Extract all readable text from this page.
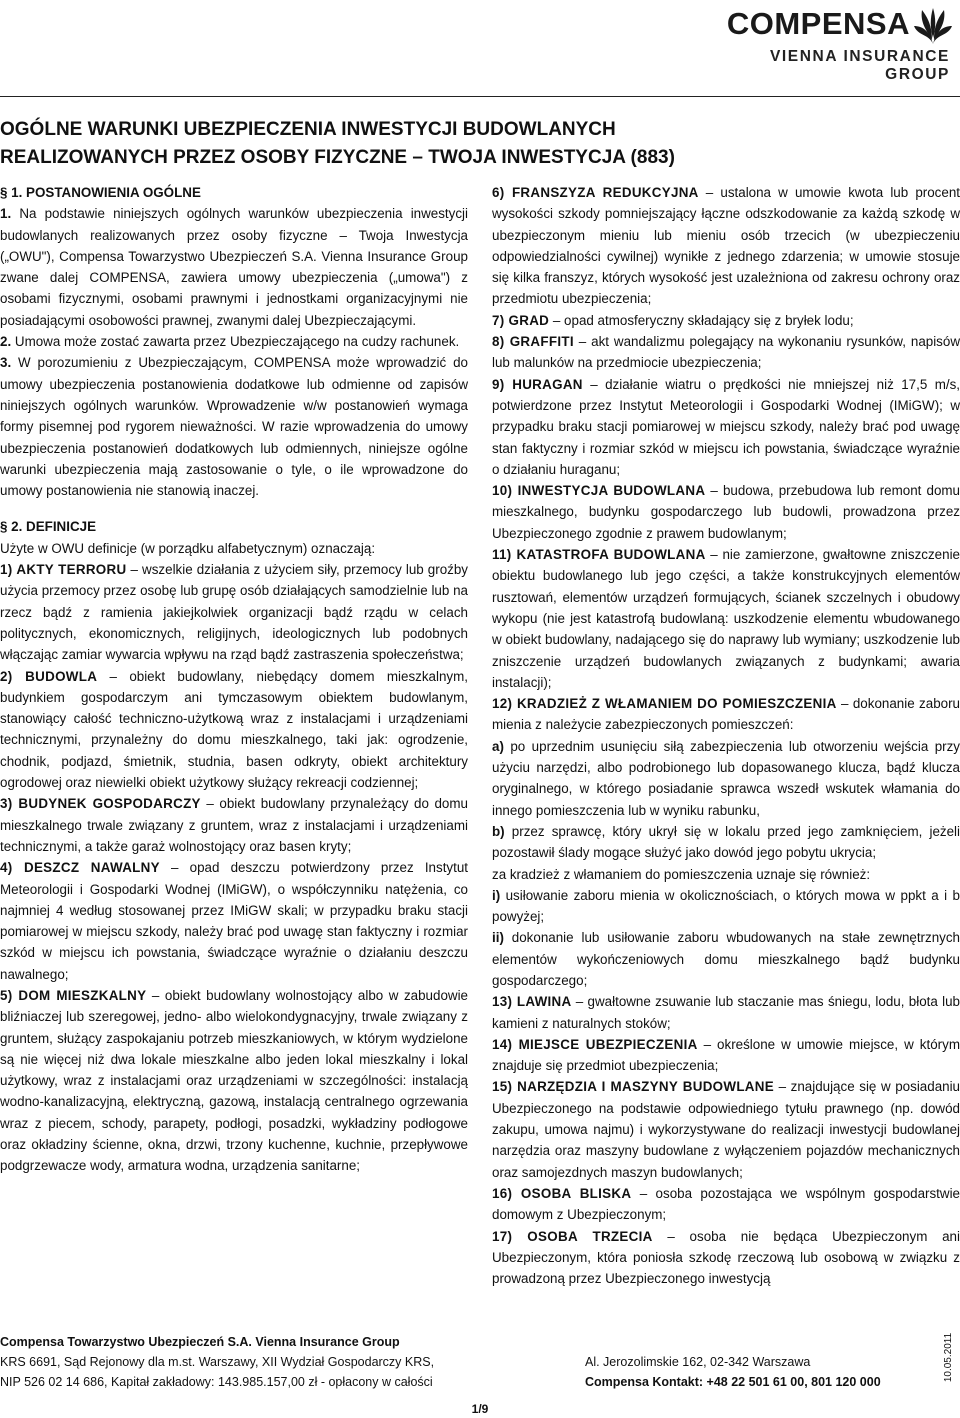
COMPENSA
VIENNA INSURANCE GROUP
OGÓLNE WARUNKI UBEZPIECZENIA INWESTYCJI BUDOWLANYCH
REALIZOWANYCH PRZEZ OSOBY FIZYCZNE – TWOJA INWESTYCJA (883)

§ 1. POSTANOWIENIA OGÓLNE

1. Na podstawie niniejszych ogólnych warunków ubezpieczenia inwestycji budowlanych realizowanych przez osoby fizyczne – Twoja Inwestycja („OWU"), Compensa Towarzystwo Ubezpieczeń S.A. Vienna Insurance Group zwane dalej COMPENSA, zawiera umowy ubezpieczenia („umowa") z osobami fizycznymi, osobami prawnymi i jednostkami organizacyjnymi nie posiadającymi osobowości prawnej, zwanymi dalej Ubezpieczającymi.

2. Umowa może zostać zawarta przez Ubezpieczającego na cudzy rachunek.

3. W porozumieniu z Ubezpieczającym, COMPENSA może wprowadzić do umowy ubezpieczenia postanowienia dodatkowe lub odmienne od zapisów niniejszych ogólnych warunków. Wprowadzenie w/w postanowień wymaga formy pisemnej pod rygorem nieważności. W razie wprowadzenia do umowy ubezpieczenia postanowień dodatkowych lub odmiennych, niniejsze ogólne warunki ubezpieczenia mają zastosowanie o tyle, o ile wprowadzone do umowy postanowienia nie stanowią inaczej.

§ 2. DEFINICJE

Użyte w OWU definicje (w porządku alfabetycznym) oznaczają:

1) AKTY TERRORU – wszelkie działania z użyciem siły, przemocy lub groźby użycia przemocy przez osobę lub grupę osób działających samodzielnie lub na rzecz bądź z ramienia jakiejkolwiek organizacji bądź rządu w celach politycznych, ekonomicznych, religijnych, ideologicznych lub podobnych włączając zamiar wywarcia wpływu na rząd bądź zastraszenia społeczeństwa;

2) BUDOWLA – obiekt budowlany, niebędący domem mieszkalnym, budynkiem gospodarczym ani tymczasowym obiektem budowlanym, stanowiący całość techniczno-użytkową wraz z instalacjami i urządzeniami technicznymi, przynależny do domu mieszkalnego, taki jak: ogrodzenie, chodnik, podjazd, śmietnik, studnia, basen odkryty, obiekt architektury ogrodowej oraz niewielki obiekt użytkowy służący rekreacji codziennej;

3) BUDYNEK GOSPODARCZY – obiekt budowlany przynależący do domu mieszkalnego trwale związany z gruntem, wraz z instalacjami i urządzeniami technicznymi, a także garaż wolnostojący oraz basen kryty;

4) DESZCZ NAWALNY – opad deszczu potwierdzony przez Instytut Meteorologii i Gospodarki Wodnej (IMiGW), o współczynniku natężenia, co najmniej 4 według stosowanej przez IMiGW skali; w przypadku braku stacji pomiarowej w miejscu szkody, należy brać pod uwagę stan faktyczny i rozmiar szkód w miejscu ich powstania, świadczące wyraźnie o działaniu deszczu nawalnego;

5) DOM MIESZKALNY – obiekt budowlany wolnostojący albo w zabudowie bliźniaczej lub szeregowej, jedno- albo wielokondygnacyjny, trwale związany z gruntem, służący zaspokajaniu potrzeb mieszkaniowych, w którym wydzielone są nie więcej niż dwa lokale mieszkalne albo jeden lokal mieszkalny i lokal użytkowy, wraz z instalacjami oraz urządzeniami w szczególności: instalacją wodno-kanalizacyjną, elektryczną, gazową, instalacją centralnego ogrzewania wraz z piecem, schody, parapety, podłogi, posadzki, wykładziny podłogowe oraz okładziny ścienne, okna, drzwi, trzony kuchenne, kuchnie, przepływowe podgrzewacze wody, armatura wodna, urządzenia sanitarne;

6) FRANSZYZA REDUKCYJNA – ustalona w umowie kwota lub procent wysokości szkody pomniejszający łączne odszkodowanie za każdą szkodę w ubezpieczonym mieniu lub mieniu osób trzecich (w ubezpieczeniu odpowiedzialności cywilnej) wynikłe z jednego zdarzenia; w umowie stosuje się kilka franszyz, których wysokość jest uzależniona od zakresu ochrony oraz przedmiotu ubezpieczenia;

7) GRAD – opad atmosferyczny składający się z bryłek lodu;

8) GRAFFITI – akt wandalizmu polegający na wykonaniu rysunków, napisów lub malunków na przedmiocie ubezpieczenia;

9) HURAGAN – działanie wiatru o prędkości nie mniejszej niż 17,5 m/s, potwierdzone przez Instytut Meteorologii i Gospodarki Wodnej (IMiGW); w przypadku braku stacji pomiarowej w miejscu szkody, należy brać pod uwagę stan faktyczny i rozmiar szkód w miejscu ich powstania, świadczące wyraźnie o działaniu huraganu;

10) INWESTYCJA BUDOWLANA – budowa, przebudowa lub remont domu mieszkalnego, budynku gospodarczego lub budowli, prowadzona przez Ubezpieczonego zgodnie z prawem budowlanym;

11) KATASTROFA BUDOWLANA – nie zamierzone, gwałtowne zniszczenie obiektu budowlanego lub jego części, a także konstrukcyjnych elementów rusztowań, elementów urządzeń formujących, ścianek szczelnych i obudowy wykopu (nie jest katastrofą budowlaną: uszkodzenie elementu wbudowanego w obiekt budowlany, nadającego się do naprawy lub wymiany; uszkodzenie lub zniszczenie urządzeń budowlanych związanych z budynkami; awaria instalacji);

12) KRADZIEŻ Z WŁAMANIEM DO POMIESZCZENIA – dokonanie zaboru mienia z należycie zabezpieczonych pomieszczeń:

a) po uprzednim usunięciu siłą zabezpieczenia lub otworzeniu wejścia przy użyciu narzędzi, albo podrobionego lub dopasowanego klucza, bądź klucza oryginalnego, w którego posiadanie sprawca wszedł wskutek włamania do innego pomieszczenia lub w wyniku rabunku,

b) przez sprawcę, który ukrył się w lokalu przed jego zamknięciem, jeżeli pozostawił ślady mogące służyć jako dowód jego pobytu ukrycia;

za kradzież z włamaniem do pomieszczenia uznaje się również:

i) usiłowanie zaboru mienia w okolicznościach, o których mowa w ppkt a i b powyżej;

ii) dokonanie lub usiłowanie zaboru wbudowanych na stałe zewnętrznych elementów wykończeniowych domu mieszkalnego bądź budynku gospodarczego;

13) LAWINA – gwałtowne zsuwanie lub staczanie mas śniegu, lodu, błota lub kamieni z naturalnych stoków;

14) MIEJSCE UBEZPIECZENIA – określone w umowie miejsce, w którym znajduje się przedmiot ubezpieczenia;

15) NARZĘDZIA I MASZYNY BUDOWLANE – znajdujące się w posiadaniu Ubezpieczonego na podstawie odpowiedniego tytułu prawnego (np. dowód zakupu, umowa najmu) i wykorzystywane do realizacji inwestycji budowlanej narzędzia oraz maszyny budowlane z wyłączeniem pojazdów mechanicznych oraz samojezdnych maszyn budowlanych;

16) OSOBA BLISKA – osoba pozostająca we wspólnym gospodarstwie domowym z Ubezpieczonym;

17) OSOBA TRZECIA – osoba nie będąca Ubezpieczonym ani Ubezpieczonym, która poniosła szkodę rzeczową lub osobową w związku z prowadzoną przez Ubezpieczonego inwestycją

Compensa Towarzystwo Ubezpieczeń S.A. Vienna Insurance Group
KRS 6691, Sąd Rejonowy dla m.st. Warszawy, XII Wydział Gospodarczy KRS,
NIP 526 02 14 686, Kapitał zakładowy: 143.985.157,00 zł - opłacony w całości
Al. Jerozolimskie 162, 02-342 Warszawa
Compensa Kontakt: +48 22 501 61 00, 801 120 000	10.05.2011
1/9
